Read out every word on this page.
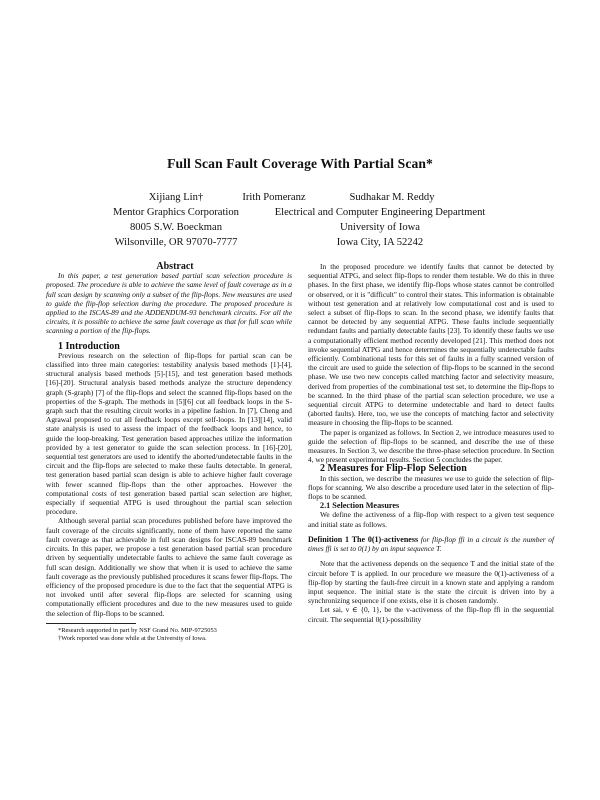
Full Scan Fault Coverage With Partial Scan*
Xijiang Lin†
Mentor Graphics Corporation
8005 S.W. Boeckman
Wilsonville, OR 97070-7777
Irith Pomeranz	Sudhakar M. Reddy
Electrical and Computer Engineering Department
University of Iowa
Iowa City, IA 52242

Abstract

In this paper, a test generation based partial scan selection procedure is proposed. The procedure is able to achieve the same level of fault coverage as in a full scan design by scanning only a subset of the flip-flops. New measures are used to guide the flip-flop selection during the procedure. The proposed procedure is applied to the ISCAS-89 and the ADDENDUM-93 benchmark circuits. For all the circuits, it is possible to achieve the same fault coverage as that for full scan while scanning a portion of the flip-flops.

1 Introduction

Previous research on the selection of flip-flops for partial scan can be classified into three main categories: testability analysis based methods [1]-[4], structural analysis based methods [5]-[15], and test generation based methods [16]-[20]. Structural analysis based methods analyze the structure dependency graph (S-graph) [7] of the flip-flops and select the scanned flip-flops based on the properties of the S-graph. The methods in [5][6] cut all feedback loops in the S-graph such that the resulting circuit works in a pipeline fashion. In [7], Cheng and Agrawal proposed to cut all feedback loops except self-loops. In [13][14], valid state analysis is used to assess the impact of the feedback loops and hence, to guide the loop-breaking. Test generation based approaches utilize the information provided by a test generator to guide the scan selection process. In [16]-[20], sequential test generators are used to identify the aborted/undetectable faults in the circuit and the flip-flops are selected to make these faults detectable. In general, test generation based partial scan design is able to achieve higher fault coverage with fewer scanned flip-flops than the other approaches. However the computational costs of test generation based partial scan selection are higher, especially if sequential ATPG is used throughout the partial scan selection procedure.

Although several partial scan procedures published before have improved the fault coverage of the circuits significantly, none of them have reported the same fault coverage as that achievable in full scan designs for ISCAS-89 benchmark circuits. In this paper, we propose a test generation based partial scan procedure driven by sequentially undetectable faults to achieve the same fault coverage as full scan design. Additionally we show that when it is used to achieve the same fault coverage as the previously published procedures it scans fewer flip-flops. The efficiency of the proposed procedure is due to the fact that the sequential ATPG is not invoked until after several flip-flops are selected for scanning using computationally efficient procedures and due to the new measures used to guide the selection of flip-flops to be scanned.

*Research supported in part by NSF Grand No. MIP-9725053

†Work reported was done while at the University of Iowa.

In the proposed procedure we identify faults that cannot be detected by sequential ATPG, and select flip-flops to render them testable. We do this in three phases. In the first phase, we identify flip-flops whose states cannot be controlled or observed, or it is "difficult" to control their states. This information is obtainable without test generation and at relatively low computational cost and is used to select a subset of flip-flops to scan. In the second phase, we identify faults that cannot be detected by any sequential ATPG. These faults include sequentially redundant faults and partially detectable faults [23]. To identify these faults we use a computationally efficient method recently developed [21]. This method does not invoke sequential ATPG and hence determines the sequentially undetectable faults efficiently. Combinational tests for this set of faults in a fully scanned version of the circuit are used to guide the selection of flip-flops to be scanned in the second phase. We use two new concepts called matching factor and selectivity measure, derived from properties of the combinational test set, to determine the flip-flops to be scanned. In the third phase of the partial scan selection procedure, we use a sequential circuit ATPG to determine undetectable and hard to detect faults (aborted faults). Here, too, we use the concepts of matching factor and selectivity measure in choosing the flip-flops to be scanned.

The paper is organized as follows. In Section 2, we introduce measures used to guide the selection of flip-flops to be scanned, and describe the use of these measures. In Section 3, we describe the three-phase selection procedure. In Section 4, we present experimental results. Section 5 concludes the paper.

2 Measures for Flip-Flop Selection

In this section, we describe the measures we use to guide the selection of flip-flops for scanning. We also describe a procedure used later in the selection of flip-flops to be scanned.

2.1 Selection Measures

We define the activeness of a flip-flop with respect to a given test sequence and initial state as follows.

Definition 1 The 0(1)-activeness for flip-flop ffi in a circuit is the number of times ffi is set to 0(1) by an input sequence T.

Note that the activeness depends on the sequence T and the initial state of the circuit before T is applied. In our procedure we measure the 0(1)-activeness of a flip-flop by starting the fault-free circuit in a known state and applying a random input sequence. The initial state is the state the circuit is driven into by a synchronizing sequence if one exists, else it is chosen randomly.

Let sai, v ∈ {0, 1}, be the v-activeness of the flip-flop ffi in the sequential circuit. The sequential 0(1)-possibility
